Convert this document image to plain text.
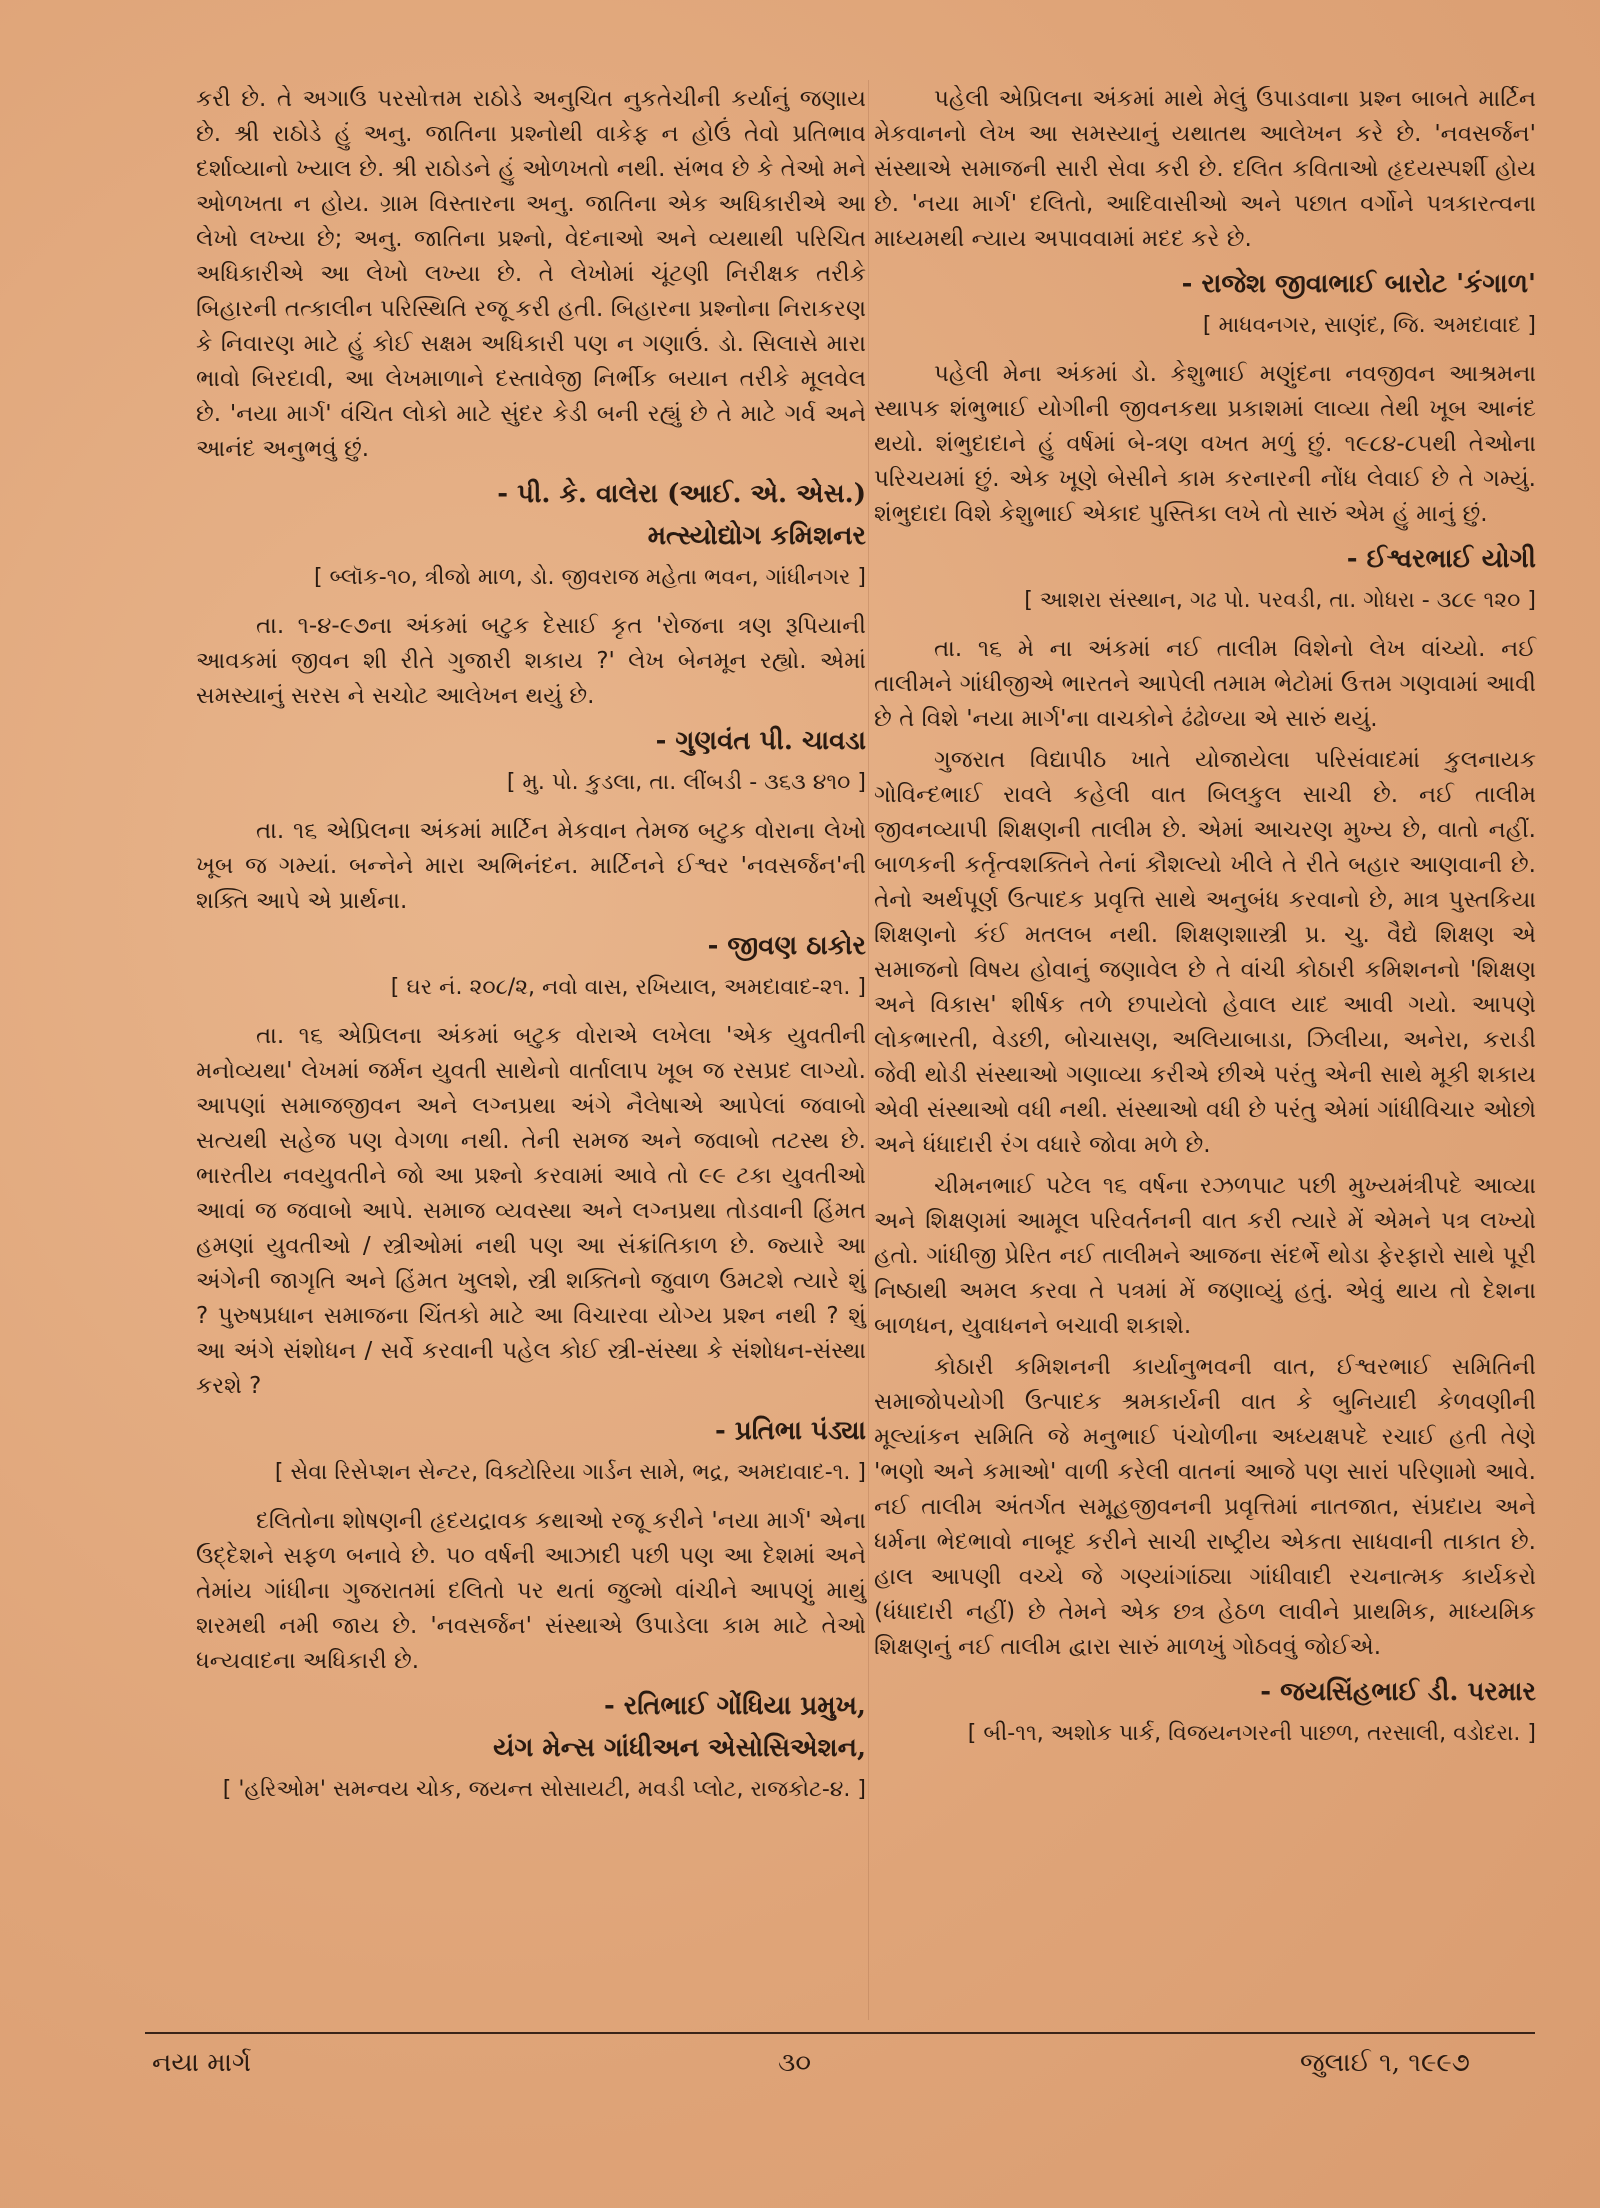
કરી છે. તે અગાઉ પરસોત્તમ રાઠોડે અનુચિત નુકતેચીની કર્યાનું જણાય છે. શ્રી રાઠોડે હું અનુ. જાતિના પ્રશ્નોથી વાકેફ ન હોઉં તેવો પ્રતિભાવ દર્શાવ્યાનો ખ્યાલ છે. શ્રી રાઠોડને હું ઓળખતો નથી. સંભવ છે કે તેઓ મને ઓળખતા ન હોય. ગ્રામ વિસ્તારના અનુ. જાતિના એક અધિકારીએ આ લેખો લખ્યા છે; અનુ. જાતિના પ્રશ્નો, વેદનાઓ અને વ્યથાથી પરિચિત અધિકારીએ આ લેખો લખ્યા છે. તે લેખોમાં ચૂંટણી નિરીક્ષક તરીકે બિહારની તત્કાલીન પરિસ્થિતિ રજૂ કરી હતી. બિહારના પ્રશ્નોના નિરાકરણ કે નિવારણ માટે હું કોઈ સક્ષમ અધિકારી પણ ન ગણાઉં. ડો. સિલાસે મારા ભાવો બિરદાવી, આ લેખમાળાને દસ્તાવેજી નિર્ભીક બયાન તરીકે મૂલવેલ છે. 'નયા માર્ગ' વંચિત લોકો માટે સુંદર કેડી બની રહ્યું છે તે માટે ગર્વ અને આનંદ અનુભવું છું.

- પી. કે. વાલેરા (આઈ. એ. એસ.)
મત્સ્યોદ્યોગ કમિશનર
[ બ્લૉક-૧૦, ત્રીજો માળ, ડો. જીવરાજ મહેતા ભવન, ગાંધીનગર ]

તા. ૧-૪-૯૭ના અંકમાં બટુક દેસાઈ કૃત 'રોજના ત્રણ રૂપિયાની આવકમાં જીવન શી રીતે ગુજારી શકાય ?' લેખ બેનમૂન રહ્યો. એમાં સમસ્યાનું સરસ ને સચોટ આલેખન થયું છે.

- ગુણવંત પી. ચાવડા
[ મુ. પો. કુડલા, તા. લીંબડી - ૩૬૩ ૪૧૦ ]

તા. ૧૬ એપ્રિલના અંકમાં માર્ટિન મેકવાન તેમજ બટુક વોરાના લેખો ખૂબ જ ગમ્યાં. બન્નેને મારા અભિનંદન. માર્ટિનને ઈશ્વર 'નવસર્જન'ની શક્તિ આપે એ પ્રાર્થના.

- જીવણ ઠાકોર
[ ઘર નં. ૨૦૮/૨, નવો વાસ, રખિયાલ, અમદાવાદ-૨૧. ]

તા. ૧૬ એપ્રિલના અંકમાં બટુક વોરાએ લખેલા 'એક યુવતીની મનોવ્યથા' લેખમાં જર્મન યુવતી સાથેનો વાર્તાલાપ ખૂબ જ રસપ્રદ લાગ્યો. આપણાં સમાજજીવન અને લગ્નપ્રથા અંગે નૈલેષાએ આપેલાં જવાબો સત્યથી સહેજ પણ વેગળા નથી. તેની સમજ અને જવાબો તટસ્થ છે. ભારતીય નવયુવતીને જો આ પ્રશ્નો કરવામાં આવે તો ૯૯ ટકા યુવતીઓ આવાં જ જવાબો આપે. સમાજ વ્યવસ્થા અને લગ્નપ્રથા તોડવાની હિંમત હમણાં યુવતીઓ / સ્ત્રીઓમાં નથી પણ આ સંક્રાંતિકાળ છે. જ્યારે આ અંગેની જાગૃતિ અને હિંમત ખુલશે, સ્ત્રી શક્તિનો જુવાળ ઉમટશે ત્યારે શું ? પુરુષપ્રધાન સમાજના ચિંતકો માટે આ વિચારવા યોગ્ય પ્રશ્ન નથી ? શું આ અંગે સંશોધન / સર્વે કરવાની પહેલ કોઈ સ્ત્રી-સંસ્થા કે સંશોધન-સંસ્થા કરશે ?

- પ્રતિભા પંડ્યા
[ સેવા રિસેપ્શન સેન્ટર, વિક્ટોરિયા ગાર્ડન સામે, ભદ્ર, અમદાવાદ-૧. ]

દલિતોના શોષણની હૃદયદ્રાવક કથાઓ રજૂ કરીને 'નયા માર્ગ' એના ઉદ્દેશને સફળ બનાવે છે. ૫૦ વર્ષની આઝાદી પછી પણ આ દેશમાં અને તેમાંય ગાંધીના ગુજરાતમાં દલિતો પર થતાં જુલ્મો વાંચીને આપણું માથું શરમથી નમી જાય છે. 'નવસર્જન' સંસ્થાએ ઉપાડેલા કામ માટે તેઓ ધન્યવાદના અધિકારી છે.

- રતિભાઈ ગોંધિયા પ્રમુખ,
યંગ મેન્સ ગાંધીઅન એસોસિએશન,
[ 'હરિઓમ' સમન્વય ચોક, જયન્ત સોસાયટી, મવડી પ્લોટ, રાજકોટ-૪. ]

પહેલી એપ્રિલના અંકમાં માથે મેલું ઉપાડવાના પ્રશ્ન બાબતે માર્ટિન મેકવાનનો લેખ આ સમસ્યાનું યથાતથ આલેખન કરે છે. 'નવસર્જન' સંસ્થાએ સમાજની સારી સેવા કરી છે. દલિત કવિતાઓ હૃદયસ્પર્શી હોય છે. 'નયા માર્ગ' દલિતો, આદિવાસીઓ અને પછાત વર્ગોને પત્રકારત્વના માધ્યમથી ન્યાય અપાવવામાં મદદ કરે છે.

- રાજેશ જીવાભાઈ બારોટ 'કંગાળ'
[ માધવનગર, સાણંદ, જિ. અમદાવાદ ]

પહેલી મેના અંકમાં ડો. કેશુભાઈ મણુંદના નવજીવન આશ્રમના સ્થાપક શંભુભાઈ યોગીની જીવનકથા પ્રકાશમાં લાવ્યા તેથી ખૂબ આનંદ થયો. શંભુદાદાને હું વર્ષમાં બે-ત્રણ વખત મળું છું. ૧૯૮૪-૮૫થી તેઓના પરિચયમાં છું. એક ખૂણે બેસીને કામ કરનારની નોંધ લેવાઈ છે તે ગમ્યું. શંભુદાદા વિશે કેશુભાઈ એકાદ પુસ્તિકા લખે તો સારું એમ હું માનું છું.

- ઈશ્વરભાઈ યોગી
[ આશરા સંસ્થાન, ગઢ પો. પરવડી, તા. ગોધરા - ૩૮૯ ૧૨૦ ]

તા. ૧૬ મે ના અંકમાં નઈ તાલીમ વિશેનો લેખ વાંચ્યો. નઈ તાલીમને ગાંધીજીએ ભારતને આપેલી તમામ ભેટોમાં ઉત્તમ ગણવામાં આવી છે તે વિશે 'નયા માર્ગ'ના વાચકોને ઢંઢોળ્યા એ સારું થયું.

ગુજરાત વિદ્યાપીઠ ખાતે યોજાયેલા પરિસંવાદમાં કુલનાયક ગોવિન્દભાઈ રાવલે કહેલી વાત બિલકુલ સાચી છે. નઈ તાલીમ જીવનવ્યાપી શિક્ષણની તાલીમ છે. એમાં આચરણ મુખ્ય છે, વાતો નહીં. બાળકની કર્તૃત્વશક્તિને તેનાં કૌશલ્યો ખીલે તે રીતે બહાર આણવાની છે. તેનો અર્થપૂર્ણ ઉત્પાદક પ્રવૃત્તિ સાથે અનુબંધ કરવાનો છે, માત્ર પુસ્તકિયા શિક્ષણનો કંઈ મતલબ નથી. શિક્ષણશાસ્ત્રી પ્ર. ચુ. વૈદ્યે શિક્ષણ એ સમાજનો વિષય હોવાનું જણાવેલ છે તે વાંચી કોઠારી કમિશનનો 'શિક્ષણ અને વિકાસ' શીર્ષક તળે છપાયેલો હેવાલ યાદ આવી ગયો. આપણે લોકભારતી, વેડછી, બોચાસણ, અલિયાબાડા, ઝિલીયા, અનેરા, કરાડી જેવી થોડી સંસ્થાઓ ગણાવ્યા કરીએ છીએ પરંતુ એની સાથે મૂકી શકાય એવી સંસ્થાઓ વધી નથી. સંસ્થાઓ વધી છે પરંતુ એમાં ગાંધીવિચાર ઓછો અને ધંધાદારી રંગ વધારે જોવા મળે છે.

ચીમનભાઈ પટેલ ૧૬ વર્ષના રઝળપાટ પછી મુખ્યમંત્રીપદે આવ્યા અને શિક્ષણમાં આમૂલ પરિવર્તનની વાત કરી ત્યારે મેં એમને પત્ર લખ્યો હતો. ગાંધીજી પ્રેરિત નઈ તાલીમને આજના સંદર્ભે થોડા ફેરફારો સાથે પૂરી નિષ્ઠાથી અમલ કરવા તે પત્રમાં મેં જણાવ્યું હતું. એવું થાય તો દેશના બાળધન, યુવાધનને બચાવી શકાશે.

કોઠારી કમિશનની કાર્યાનુભવની વાત, ઈશ્વરભાઈ સમિતિની સમાજોપયોગી ઉત્પાદક શ્રમકાર્યની વાત કે બુનિયાદી કેળવણીની મૂલ્યાંકન સમિતિ જે મનુભાઈ પંચોળીના અધ્યક્ષપદે રચાઈ હતી તેણે 'ભણો અને કમાઓ' વાળી કરેલી વાતનાં આજે પણ સારાં પરિણામો આવે. નઈ તાલીમ અંતર્ગત સમૂહજીવનની પ્રવૃત્તિમાં નાતજાત, સંપ્રદાય અને ધર્મના ભેદભાવો નાબૂદ કરીને સાચી રાષ્ટ્રીય એકતા સાધવાની તાકાત છે. હાલ આપણી વચ્ચે જે ગણ્યાંગાંઠ્યા ગાંધીવાદી રચનાત્મક કાર્યકરો (ધંધાદારી નહીં) છે તેમને એક છત્ર હેઠળ લાવીને પ્રાથમિક, માધ્યમિક શિક્ષણનું નઈ તાલીમ દ્વારા સારું માળખું ગોઠવવું જોઈએ.

- જયસિંહભાઈ ડી. પરમાર
[ બી-૧૧, અશોક પાર્ક, વિજયનગરની પાછળ, તરસાલી, વડોદરા. ]
નયા માર્ગ	૩૦	જુલાઈ ૧, ૧૯૯૭
